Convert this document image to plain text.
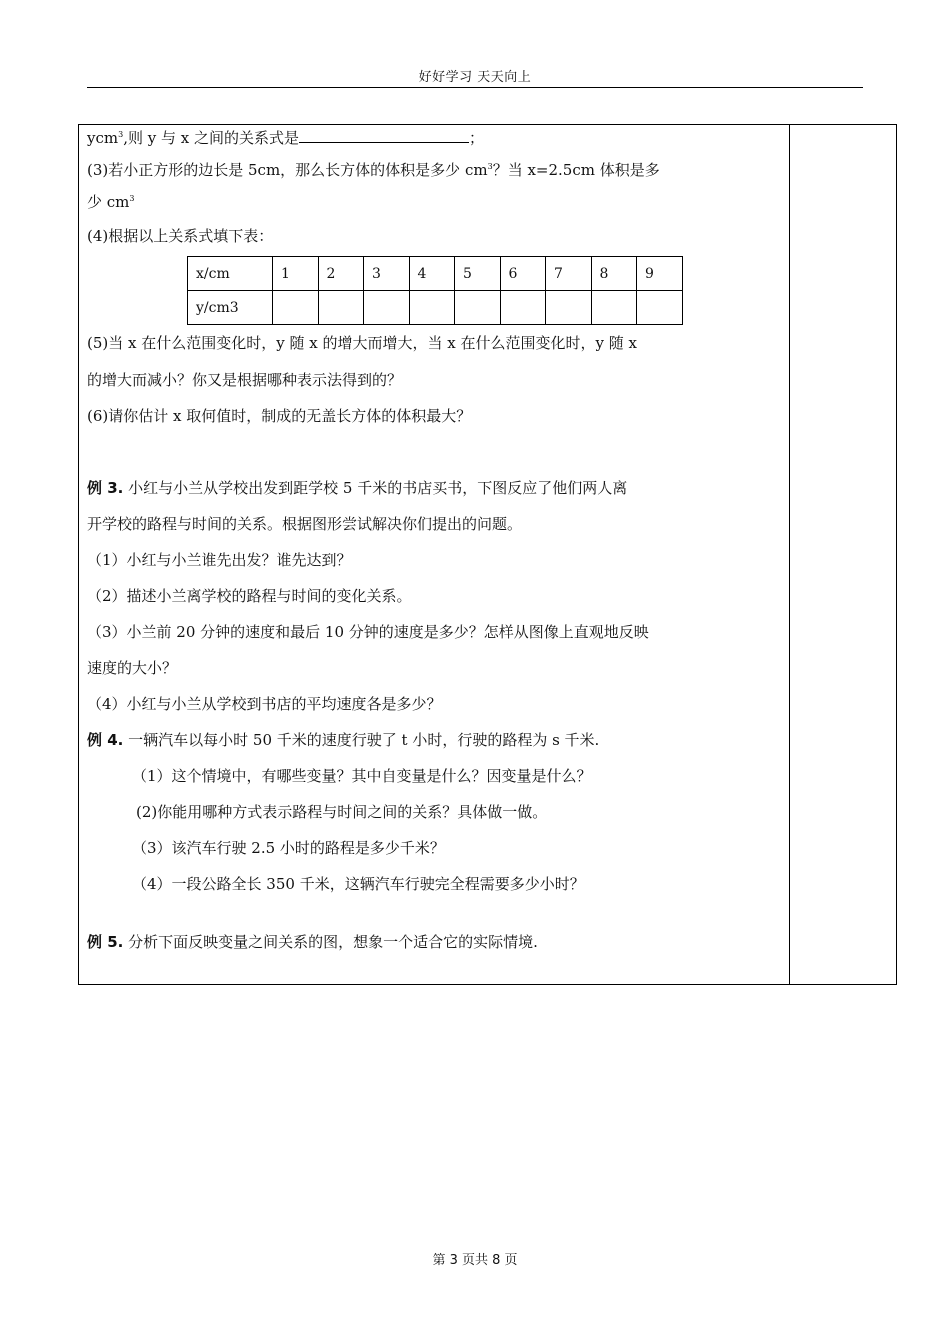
好好学习 天天向上
ycm$^3$,则 y 与 x 之间的关系式是	；
(3)若小正方形的边长是 5cm，那么长方体的体积是多少 $cm^3$？当 x=2.5cm 体积是多
少 $cm^3$
(4)根据以上关系式填下表：
x/cm	1	2	3	4	5	6	7	8	9
y/cm3									
(5)当 x 在什么范围变化时，y 随 x 的增大而增大，当 x 在什么范围变化时，y 随 x
的增大而减小？你又是根据哪种表示法得到的？
(6)请你估计 x 取何值时，制成的无盖长方体的体积最大？
例 3. 小红与小兰从学校出发到距学校 5 千米的书店买书，下图反应了他们两人离
开学校的路程与时间的关系。根据图形尝试解决你们提出的问题。
（1）小红与小兰谁先出发？谁先达到？
（2）描述小兰离学校的路程与时间的变化关系。
（3）小兰前 20 分钟的速度和最后 10 分钟的速度是多少？怎样从图像上直观地反映
速度的大小？
（4）小红与小兰从学校到书店的平均速度各是多少？
例 4. 一辆汽车以每小时 50 千米的速度行驶了 t 小时，行驶的路程为 s 千米.
（1）这个情境中，有哪些变量？其中自变量是什么？因变量是什么？
(2)你能用哪种方式表示路程与时间之间的关系？具体做一做。
（3）该汽车行驶 2.5 小时的路程是多少千米？
（4）一段公路全长 350 千米，这辆汽车行驶完全程需要多少小时？
例 5. 分析下面反映变量之间关系的图，想象一个适合它的实际情境.
第 3 页共 8 页
